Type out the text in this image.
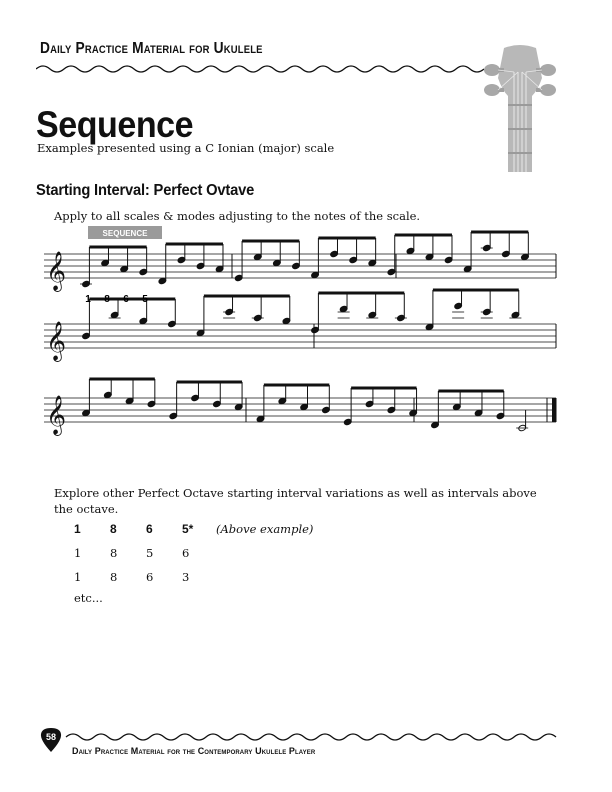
Daily Practice Material for Ukulele
Sequence
Examples presented using a C Ionian (major) scale
Starting Interval: Perfect Ovtave
Apply to all scales & modes adjusting to the notes of the scale.
SEQUENCE
𝄞
𝄞
𝄞
1 8 6 5
Explore other Perfect Octave starting interval variations as well as intervals above the octave.
1 8 6 5* (Above example)
1 8 5 6
1 8 6 3
etc...
58
Daily Practice Material for the Contemporary Ukulele Player
